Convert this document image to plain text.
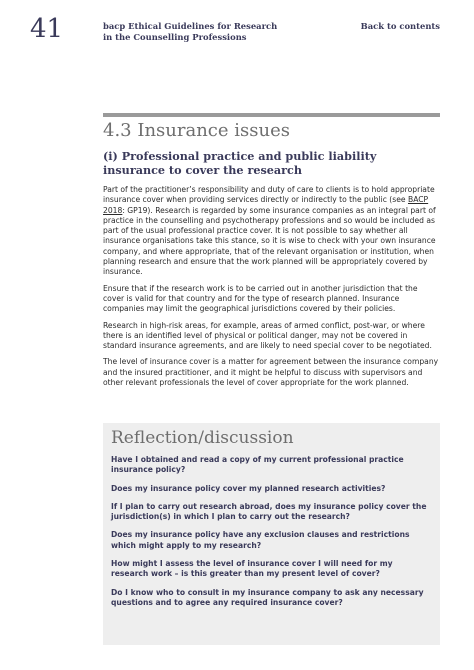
41	bacp Ethical Guidelines for Research
in the Counselling Professions
Back to contents
4.3 Insurance issues
(i) Professional practice and public liability insurance to cover the research

Part of the practitioner’s responsibility and duty of care to clients is to hold appropriate insurance cover when providing services directly or indirectly to the public (see BACP 2018: GP19). Research is regarded by some insurance companies as an integral part of practice in the counselling and psychotherapy professions and so would be included as part of the usual professional practice cover. It is not possible to say whether all insurance organisations take this stance, so it is wise to check with your own insurance company, and where appropriate, that of the relevant organisation or institution, when planning research and ensure that the work planned will be appropriately covered by insurance.

Ensure that if the research work is to be carried out in another jurisdiction that the cover is valid for that country and for the type of research planned. Insurance companies may limit the geographical jurisdictions covered by their policies.

Research in high-risk areas, for example, areas of armed conflict, post-war, or where there is an identified level of physical or political danger, may not be covered in standard insurance agreements, and are likely to need special cover to be negotiated.

The level of insurance cover is a matter for agreement between the insurance company and the insured practitioner, and it might be helpful to discuss with supervisors and other relevant professionals the level of cover appropriate for the work planned.

Reflection/discussion

Have I obtained and read a copy of my current professional practice insurance policy?

Does my insurance policy cover my planned research activities?

If I plan to carry out research abroad, does my insurance policy cover the jurisdiction(s) in which I plan to carry out the research?

Does my insurance policy have any exclusion clauses and restrictions which might apply to my research?

How might I assess the level of insurance cover I will need for my research work – is this greater than my present level of cover?

Do I know who to consult in my insurance company to ask any necessary questions and to agree any required insurance cover?
